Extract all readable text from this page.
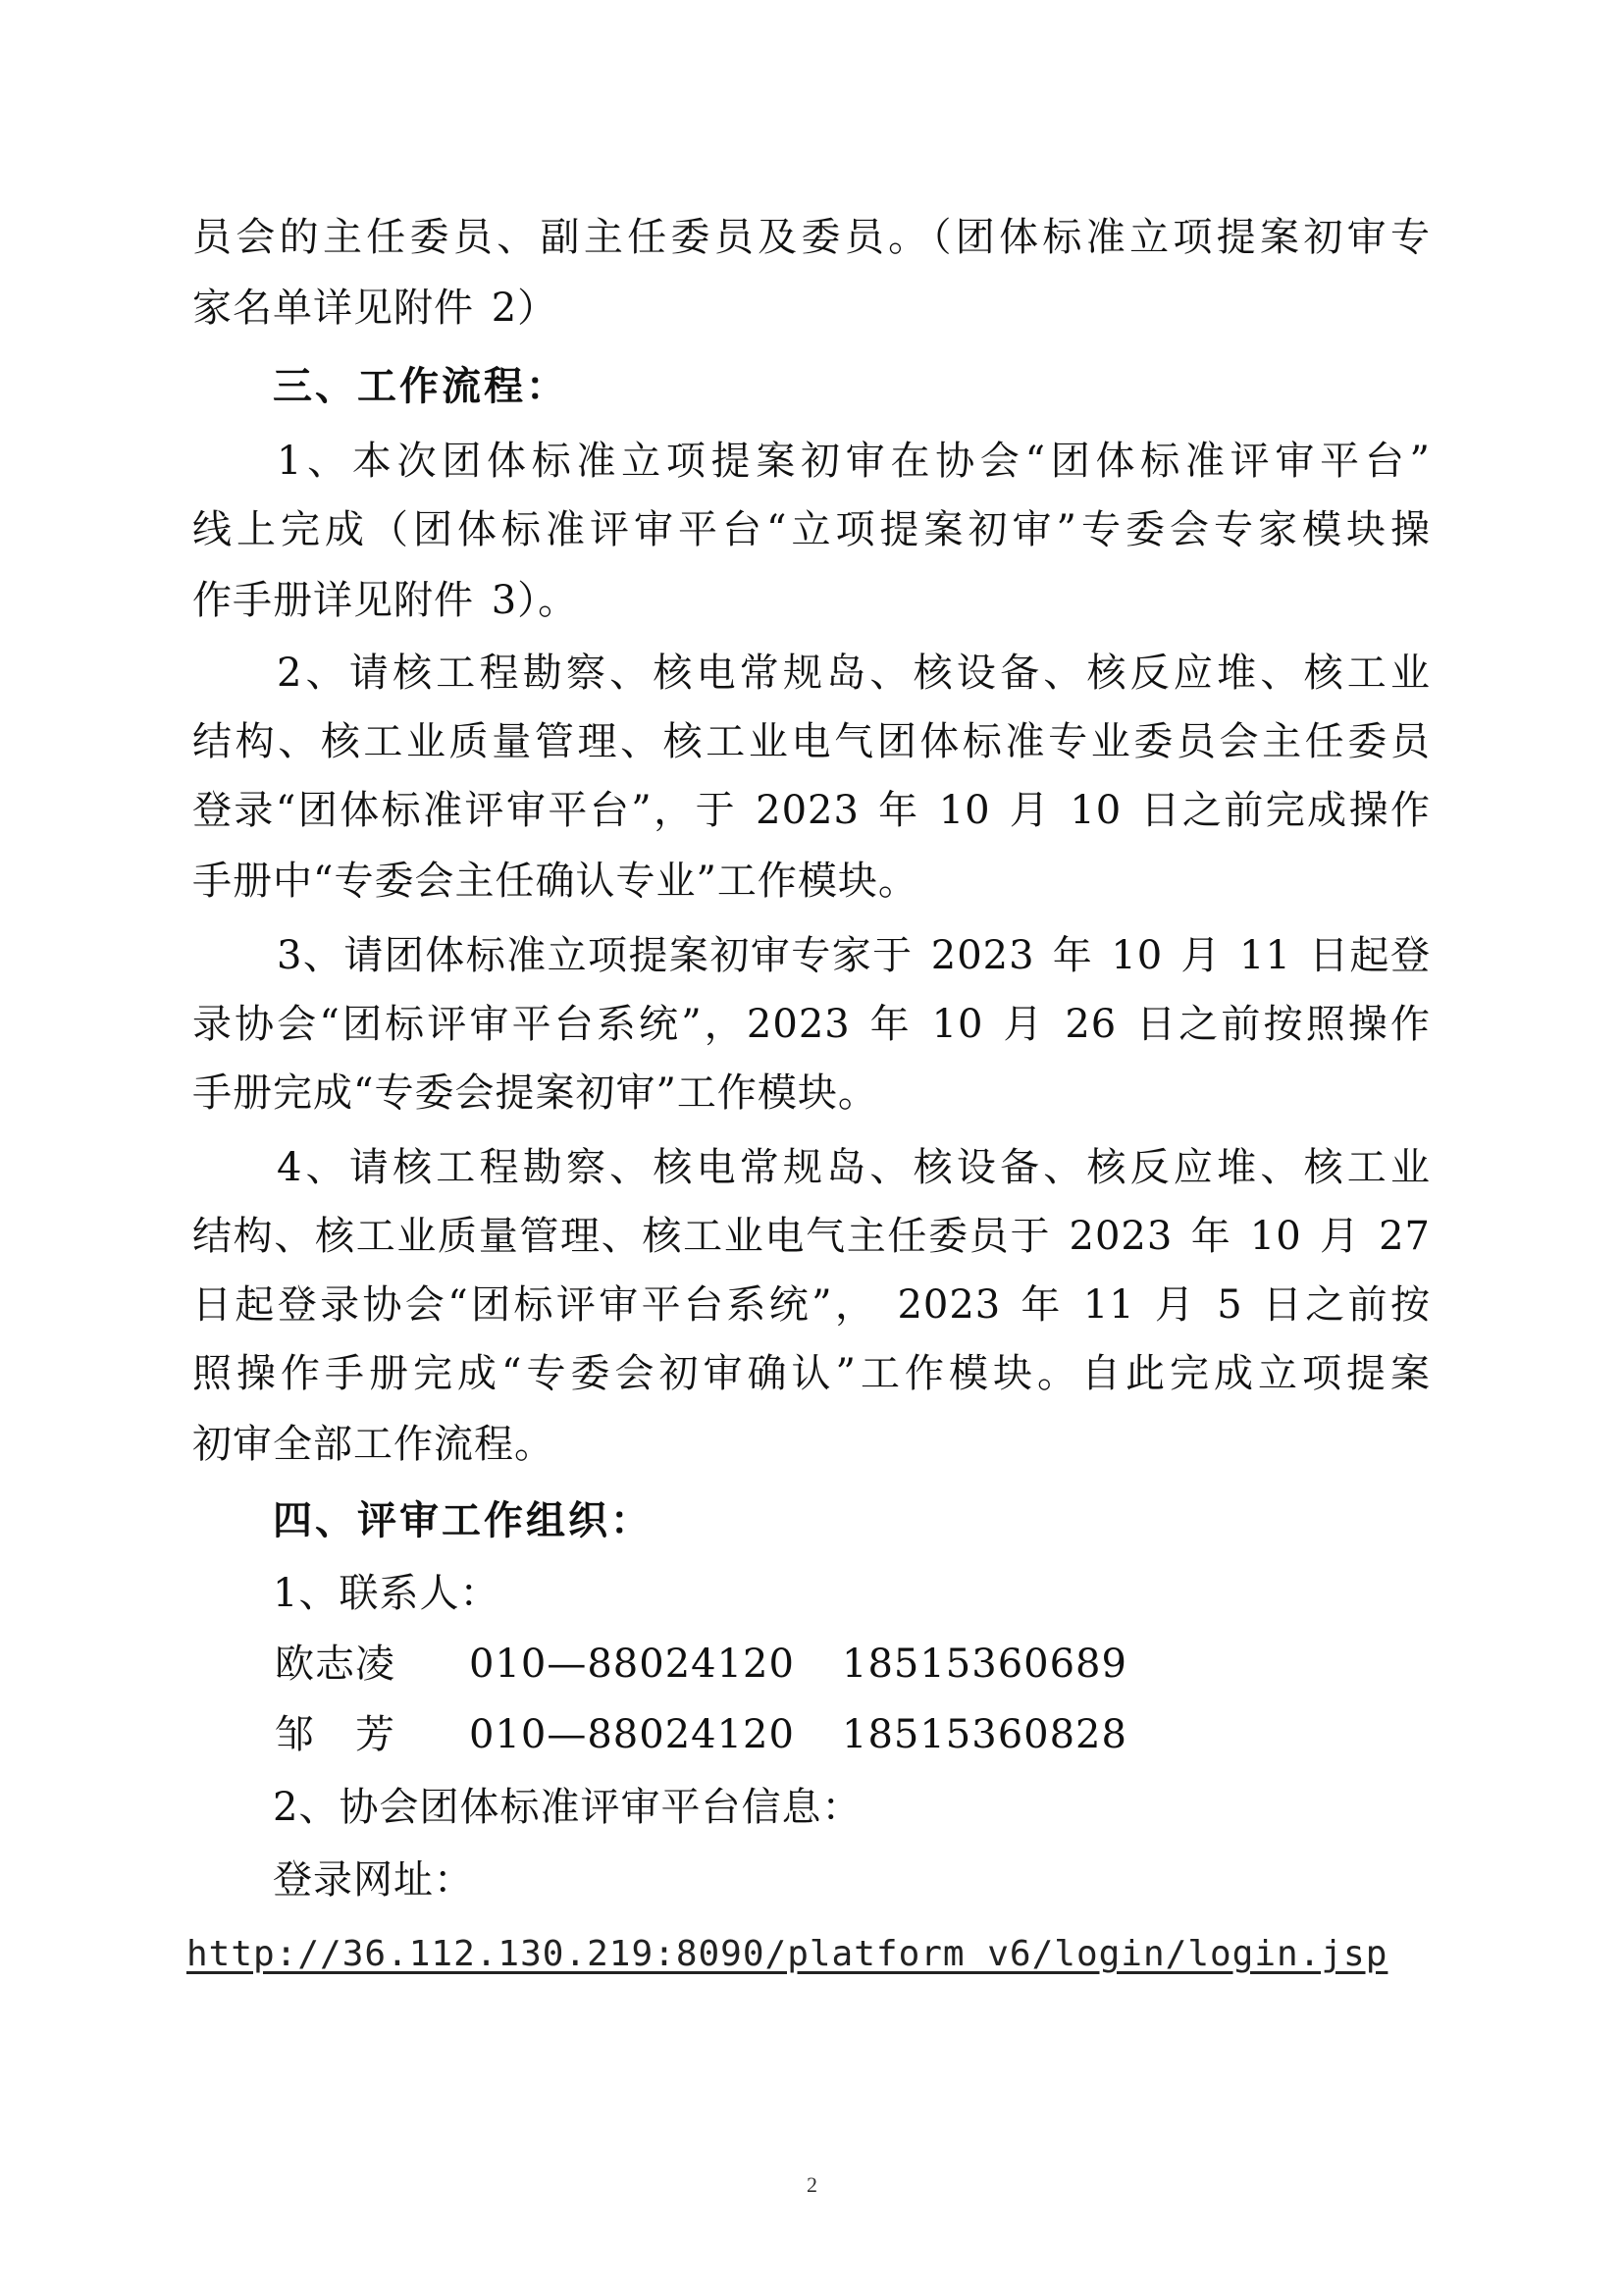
员会的主任委员、副主任委员及委员。（团体标准立项提案初审专
家名单详见附件 2）
三、工作流程：
1、本次团体标准立项提案初审在协会“团体标准评审平台”
线上完成（团体标准评审平台“立项提案初审”专委会专家模块操
作手册详见附件 3）。
2、请核工程勘察、核电常规岛、核设备、核反应堆、核工业
结构、核工业质量管理、核工业电气团体标准专业委员会主任委员
登录“团体标准评审平台”，于 2023 年 10 月 10 日之前完成操作
手册中“专委会主任确认专业”工作模块。
3、请团体标准立项提案初审专家于 2023 年 10 月 11 日起登
录协会“团标评审平台系统”，2023 年 10 月 26 日之前按照操作
手册完成“专委会提案初审”工作模块。
4、请核工程勘察、核电常规岛、核设备、核反应堆、核工业
结构、核工业质量管理、核工业电气主任委员于 2023 年 10 月 27
日起登录协会“团标评审平台系统”， 2023 年 11 月 5 日之前按
照操作手册完成“专委会初审确认”工作模块。自此完成立项提案
初审全部工作流程。
四、评审工作组织：
1、联系人：
欧志凌 010—88024120 18515360689
邹　芳 010—88024120 18515360828
2、协会团体标准评审平台信息：
登录网址：
http://36.112.130.219:8090/platform_v6/login/login.jsp
2
